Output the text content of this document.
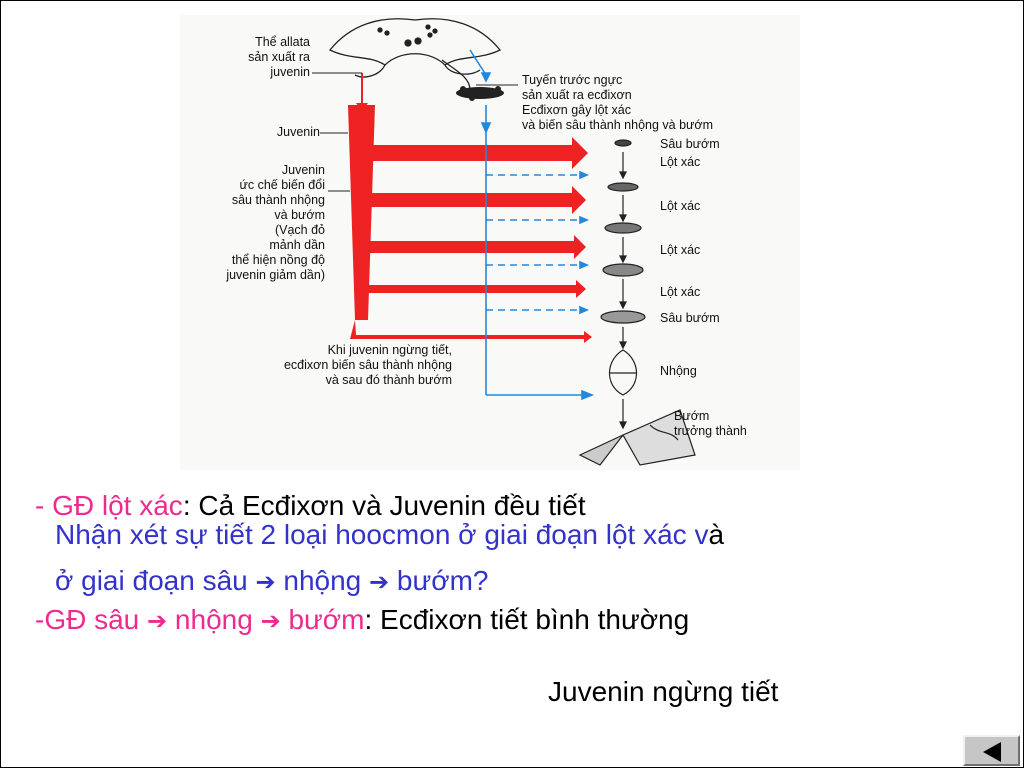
Thể allata
sản xuất ra
juvenin
Tuyến trước ngực
sản xuất ra ecđixơn
Ecđixơn gây lột xác
và biến sâu thành nhộng và bướm
Juvenin
Juvenin
ức chế biến đổi
sâu thành nhộng
và bướm
(Vạch đỏ
mảnh dần
thể hiện nồng độ
juvenin giảm dần)
Khi juvenin ngừng tiết,
ecđixơn biến sâu thành nhộng
và sau đó thành bướm
Sâu bướm
Lột xác
Lột xác
Lột xác
Lột xác
Sâu bướm
Nhộng
Bướm
trưởng thành
- GĐ lột xác: Cả Ecđixơn và Juvenin đều tiết
Nhận xét sự tiết 2 loại hoocmon ở giai đoạn lột xác và
ở giai đoạn sâu ➔ nhộng ➔ bướm?
-GĐ sâu ➔ nhộng ➔ bướm: Ecđixơn tiết bình thường
Juvenin ngừng tiết
